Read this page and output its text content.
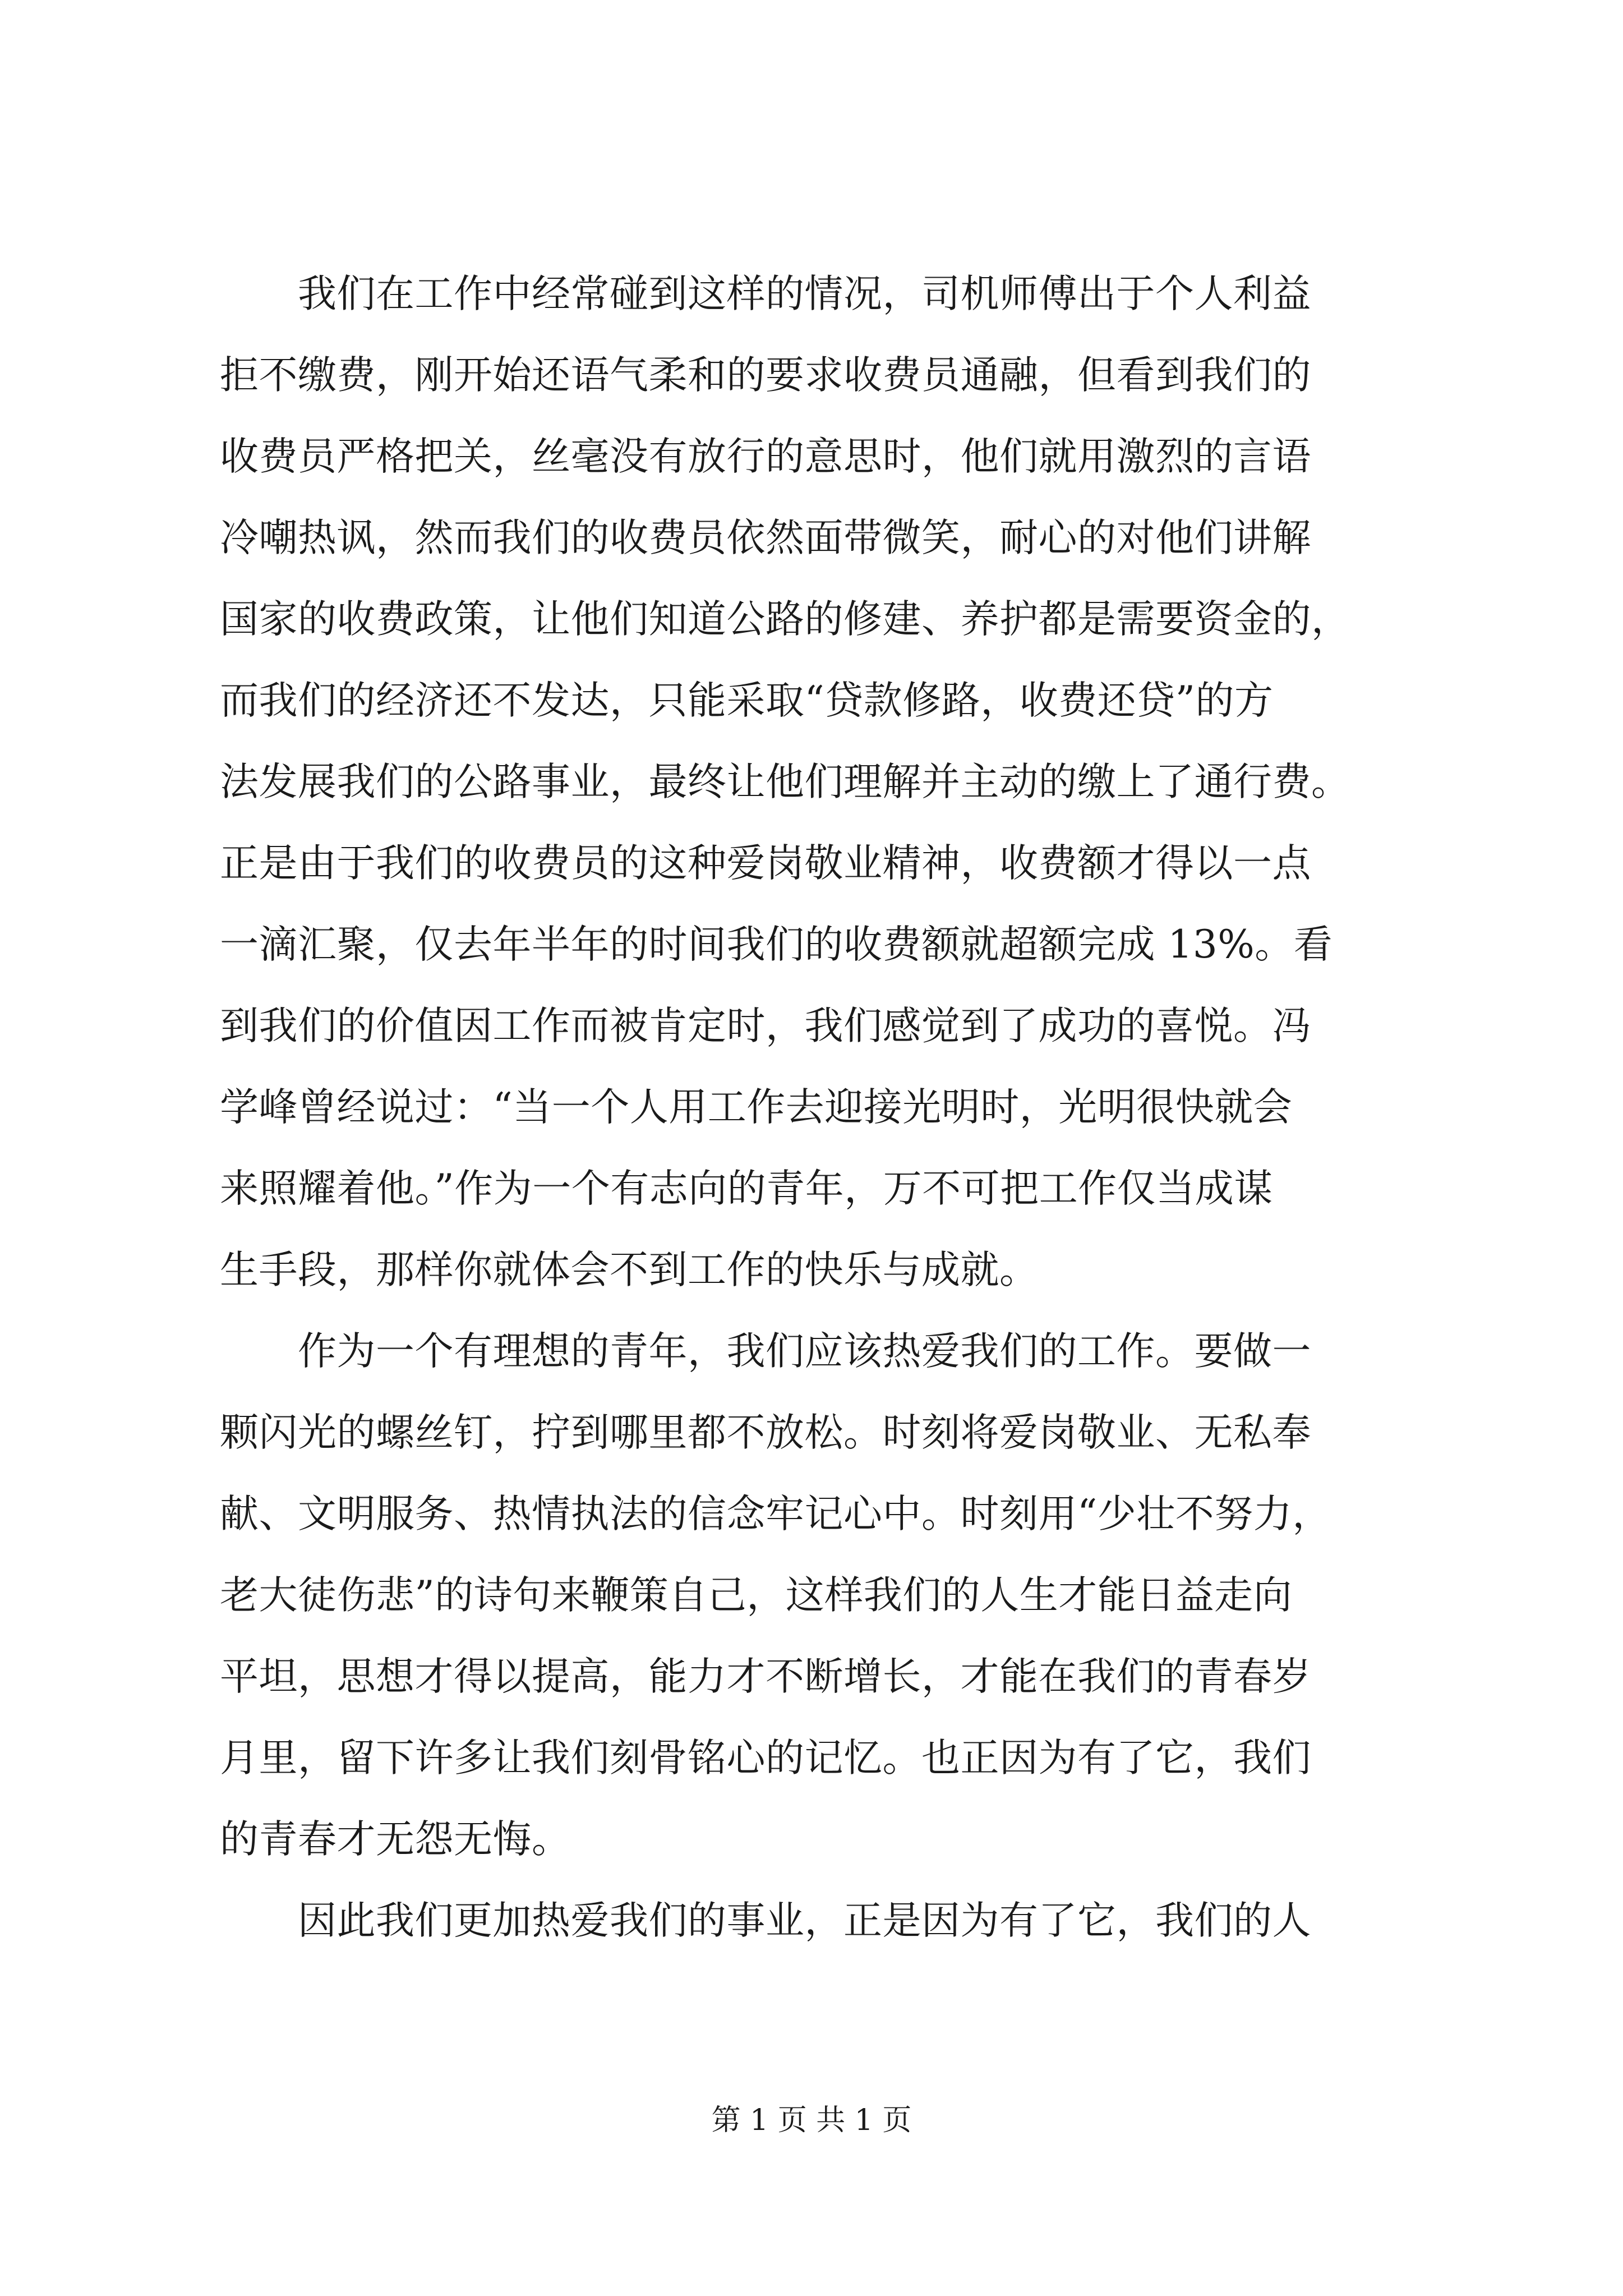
　　我们在工作中经常碰到这样的情况，司机师傅出于个人利益
拒不缴费，刚开始还语气柔和的要求收费员通融，但看到我们的
收费员严格把关，丝毫没有放行的意思时，他们就用激烈的言语
冷嘲热讽，然而我们的收费员依然面带微笑，耐心的对他们讲解
国家的收费政策，让他们知道公路的修建、养护都是需要资金的，
而我们的经济还不发达，只能采取“贷款修路，收费还贷”的方
法发展我们的公路事业，最终让他们理解并主动的缴上了通行费。
正是由于我们的收费员的这种爱岗敬业精神，收费额才得以一点
一滴汇聚，仅去年半年的时间我们的收费额就超额完成 13%。看
到我们的价值因工作而被肯定时，我们感觉到了成功的喜悦。冯
学峰曾经说过：“当一个人用工作去迎接光明时，光明很快就会
来照耀着他。”作为一个有志向的青年，万不可把工作仅当成谋
生手段，那样你就体会不到工作的快乐与成就。
　　作为一个有理想的青年，我们应该热爱我们的工作。要做一
颗闪光的螺丝钉，拧到哪里都不放松。时刻将爱岗敬业、无私奉
献、文明服务、热情执法的信念牢记心中。时刻用“少壮不努力，
老大徒伤悲”的诗句来鞭策自己，这样我们的人生才能日益走向
平坦，思想才得以提高，能力才不断增长，才能在我们的青春岁
月里，留下许多让我们刻骨铭心的记忆。也正因为有了它，我们
的青春才无怨无悔。
　　因此我们更加热爱我们的事业，正是因为有了它，我们的人
第 1 页 共 1 页
